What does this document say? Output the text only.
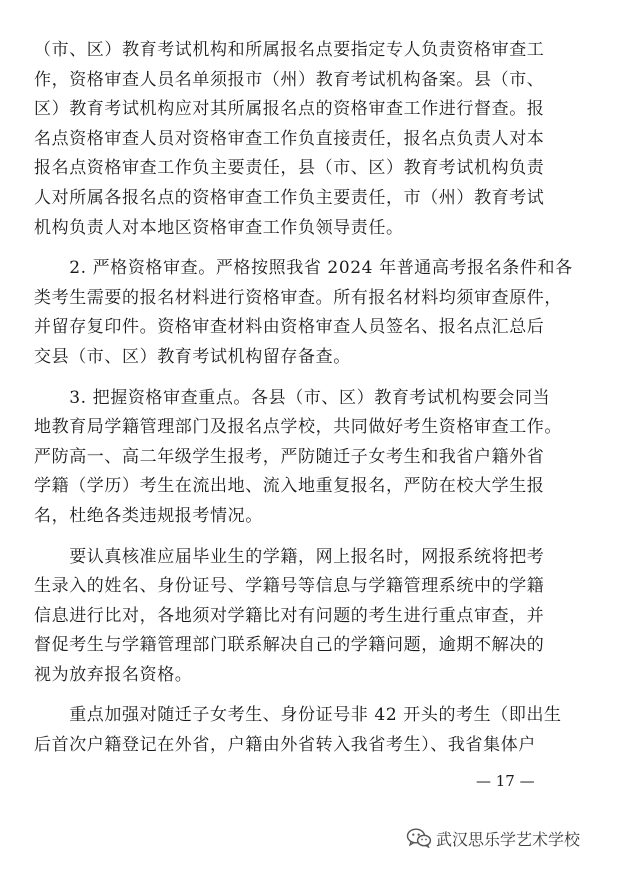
（市、区）教育考试机构和所属报名点要指定专人负责资格审查工
作，资格审查人员名单须报市（州）教育考试机构备案。县（市、
区）教育考试机构应对其所属报名点的资格审查工作进行督查。报
名点资格审查人员对资格审查工作负直接责任，报名点负责人对本
报名点资格审查工作负主要责任，县（市、区）教育考试机构负责
人对所属各报名点的资格审查工作负主要责任，市（州）教育考试
机构负责人对本地区资格审查工作负领导责任。
　　2. 严格资格审查。严格按照我省 2024 年普通高考报名条件和各
类考生需要的报名材料进行资格审查。所有报名材料均须审查原件，
并留存复印件。资格审查材料由资格审查人员签名、报名点汇总后
交县（市、区）教育考试机构留存备查。
　　3. 把握资格审查重点。各县（市、区）教育考试机构要会同当
地教育局学籍管理部门及报名点学校，共同做好考生资格审查工作。
严防高一、高二年级学生报考，严防随迁子女考生和我省户籍外省
学籍（学历）考生在流出地、流入地重复报名，严防在校大学生报
名，杜绝各类违规报考情况。
　　要认真核准应届毕业生的学籍，网上报名时，网报系统将把考
生录入的姓名、身份证号、学籍号等信息与学籍管理系统中的学籍
信息进行比对，各地须对学籍比对有问题的考生进行重点审查，并
督促考生与学籍管理部门联系解决自己的学籍问题，逾期不解决的
视为放弃报名资格。
　　重点加强对随迁子女考生、身份证号非 42 开头的考生（即出生
后首次户籍登记在外省，户籍由外省转入我省考生）、我省集体户
— 17 —
武汉思乐学艺术学校
